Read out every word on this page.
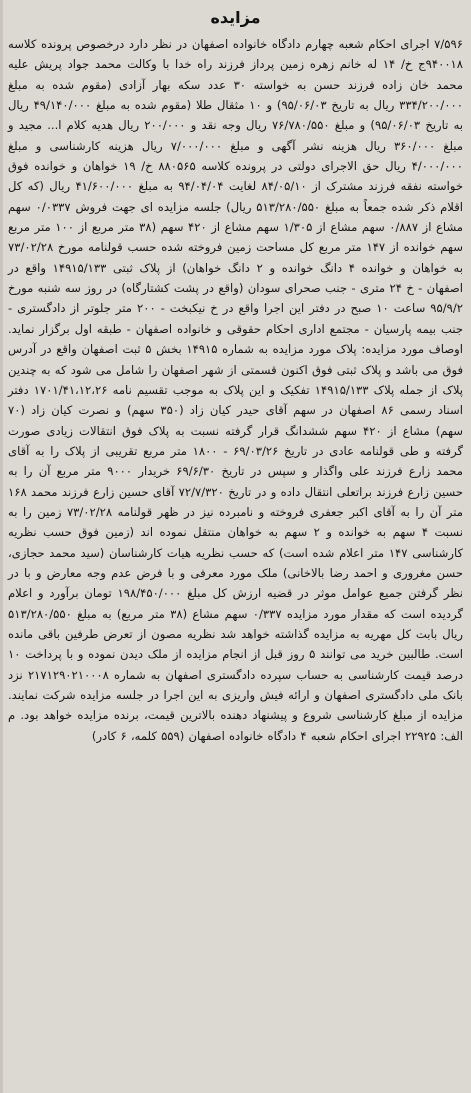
مزایده

۷/۵۹۶ اجرای احکام شعبه چهارم دادگاه خانواده اصفهان در نظر دارد درخصوص پرونده کلاسه ۹۴۰۰۱۸ج خ/ ۱۴ له خانم زهره زمین پرداز فرزند راه خدا با وکالت محمد جواد پریش علیه محمد خان زاده فرزند حسن به خواسته ۳۰ عدد سکه بهار آزادی (مقوم شده به مبلغ ۳۳۴/۲۰۰/۰۰۰ ریال به تاریخ ۹۵/۰۶/۰۳) و ۱۰ مثقال طلا (مقوم شده به مبلغ ۴۹/۱۴۰/۰۰۰ ریال به تاریخ ۹۵/۰۶/۰۳) و مبلغ ۷۶/۷۸۰/۵۵۰ ریال وجه نقد و ۲۰۰/۰۰۰ ریال هدیه کلام ا... مجید و مبلغ ۳۶۰/۰۰۰ ریال هزینه نشر آگهی و مبلغ ۷/۰۰۰/۰۰۰ ریال هزینه کارشناسی و مبلغ ۴/۰۰۰/۰۰۰ ریال حق الاجرای دولتی در پرونده کلاسه ۸۸۰۵۶۵ خ/ ۱۹ خواهان و خوانده فوق خواسته نفقه فرزند مشترک از ۸۴/۰۵/۱۰ لغایت ۹۴/۰۴/۰۴ به مبلغ ۴۱/۶۰۰/۰۰۰ ریال (که کل اقلام ذکر شده جمعاً به مبلغ ۵۱۳/۲۸۰/۵۵۰ ریال) جلسه مزایده ای جهت فروش ۰/۰۳۳۷ سهم مشاع از ۰/۸۸۷ سهم مشاع از ۱/۳۰۵ سهم مشاع از ۴۲۰ سهم (۳۸ متر مربع از ۱۰۰ متر مربع سهم خوانده از ۱۴۷ متر مربع کل مساحت زمین فروخته شده حسب قولنامه مورخ ۷۳/۰۲/۲۸ به خواهان و خوانده ۴ دانگ خوانده و ۲ دانگ خواهان) از پلاک ثبتی ۱۴۹۱۵/۱۳۳ واقع در اصفهان - خ ۲۴ متری - جنب صحرای سودان (واقع در پشت کشتارگاه) در روز سه شنبه مورخ ۹۵/۹/۲ ساعت ۱۰ صبح در دفتر این اجرا واقع در خ نیکبخت - ۲۰۰ متر جلوتر از دادگستری - جنب بیمه پارسیان - مجتمع اداری احکام حقوقی و خانواده اصفهان - طبقه اول برگزار نماید. اوصاف مورد مزایده: پلاک مورد مزایده به شماره ۱۴۹۱۵ بخش ۵ ثبت اصفهان واقع در آدرس فوق می باشد و پلاک ثبتی فوق اکنون قسمتی از شهر اصفهان را شامل می شود که به چندین پلاک از جمله پلاک ۱۴۹۱۵/۱۳۳ تفکیک و این پلاک به موجب تقسیم نامه ۱۷۰۱/۴۱،۱۲،۲۶ دفتر اسناد رسمی ۸۶ اصفهان در سهم آقای حیدر کیان زاد (۳۵۰ سهم) و نصرت کیان زاد (۷۰ سهم) مشاع از ۴۲۰ سهم ششدانگ قرار گرفته نسبت به پلاک فوق انتقالات زیادی صورت گرفته و طی قولنامه عادی در تاریخ ۶۹/۰۳/۲۶ - ۱۸۰۰ متر مربع تقریبی از پلاک را به آقای محمد زارع فرزند علی واگذار و سپس در تاریخ ۶۹/۶/۳۰ خریدار ۹۰۰۰ متر مربع آن را به حسین زارع فرزند براتعلی انتقال داده و در تاریخ ۷۲/۷/۳۲۰ آقای حسین زارع فرزند محمد ۱۶۸ متر آن را به آقای اکبر جعفری فروخته و نامبرده نیز در ظهر قولنامه ۷۳/۰۲/۲۸ زمین را به نسبت ۴ سهم به خوانده و ۲ سهم به خواهان منتقل نموده اند (زمین فوق حسب نظریه کارشناسی ۱۴۷ متر اعلام شده است) که حسب نظریه هیات کارشناسان (سید محمد حجازی، حسن مغروری و احمد رضا بالاخانی) ملک مورد معرفی و با فرض عدم وجه معارض و با در نظر گرفتن جمیع عوامل موثر در قضیه ارزش کل مبلغ ۱۹۸/۴۵۰/۰۰۰ تومان برآورد و اعلام گردیده است که مقدار مورد مزایده ۰/۳۳۷ سهم مشاع (۳۸ متر مربع) به مبلغ ۵۱۳/۲۸۰/۵۵۰ ریال بابت کل مهریه به مزایده گذاشته خواهد شد نظریه مصون از تعرض طرفین باقی مانده است. طالبین خرید می توانند ۵ روز قبل از انجام مزایده از ملک دیدن نموده و با پرداخت ۱۰ درصد قیمت کارشناسی به حساب سپرده دادگستری اصفهان به شماره ۲۱۷۱۲۹۰۲۱۰۰۰۸ نزد بانک ملی دادگستری اصفهان و ارائه فیش واریزی به این اجرا در جلسه مزایده شرکت نمایند. مزایده از مبلغ کارشناسی شروع و پیشنهاد دهنده بالاترین قیمت، برنده مزایده خواهد بود. م الف: ۲۲۹۲۵ اجرای احکام شعبه ۴ دادگاه خانواده اصفهان (۵۵۹ کلمه، ۶ کادر)
